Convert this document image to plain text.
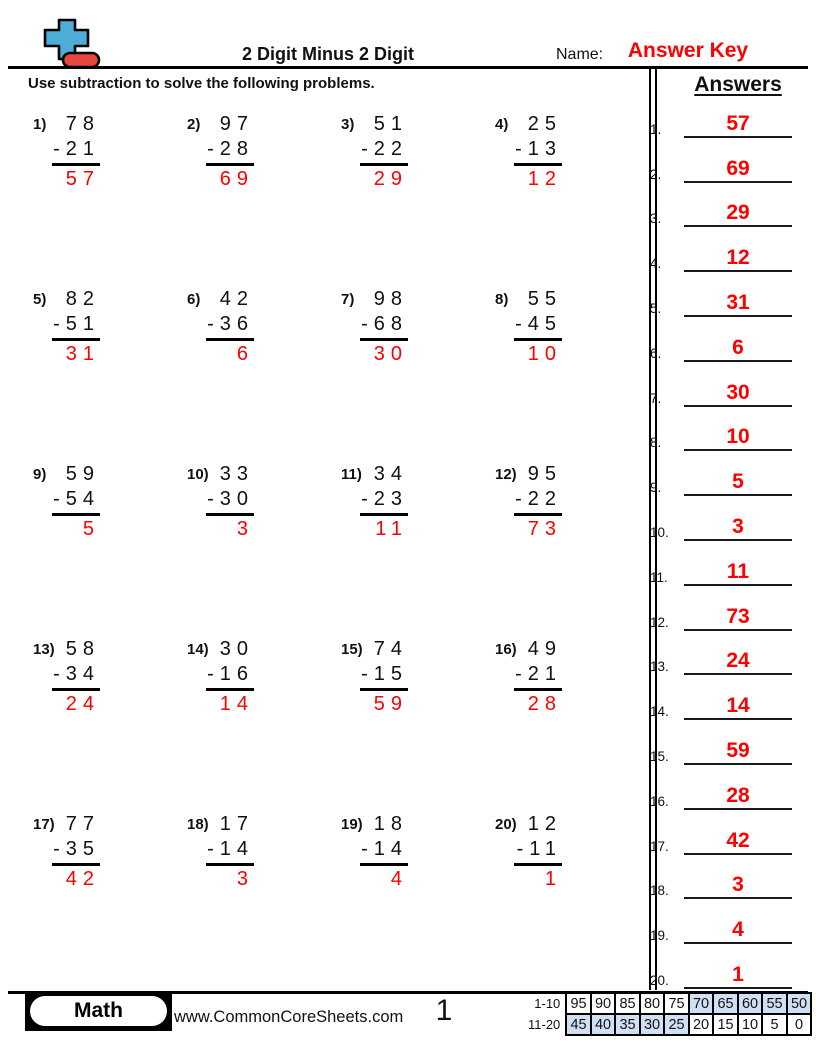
2 Digit Minus 2 Digit	Name:	Answer Key
Use subtraction to solve the following problems.
1) 78
-21
57
2) 97
-28
69
3) 51
-22
29
4) 25
-13
12
5) 82
-51
31
6) 42
-36
6
7) 98
-68
30
8) 55
-45
10
9) 59
-54
5
10) 33
-30
3
11) 34
-23
11
12) 95
-22
73
13) 58
-34
24
14) 30
-16
14
15) 74
-15
59
16) 49
-21
28
17) 77
-35
42
18) 17
-14
3
19) 18
-14
4
20) 12
-11
1
Answers
1.	57
2.	69
3.	29
4.	12
5.	31
6.	6
7.	30
8.	10
9.	5
10.	3
11.	11
12.	73
13.	24
14.	14
15.	59
16.	28
17.	42
18.	3
19.	4
20.	1
Math	www.CommonCoreSheets.com	1	1-10	95	90	85	80	75	70	65	60	55	50
11-20	45	40	35	30	25	20	15	10	5	0
